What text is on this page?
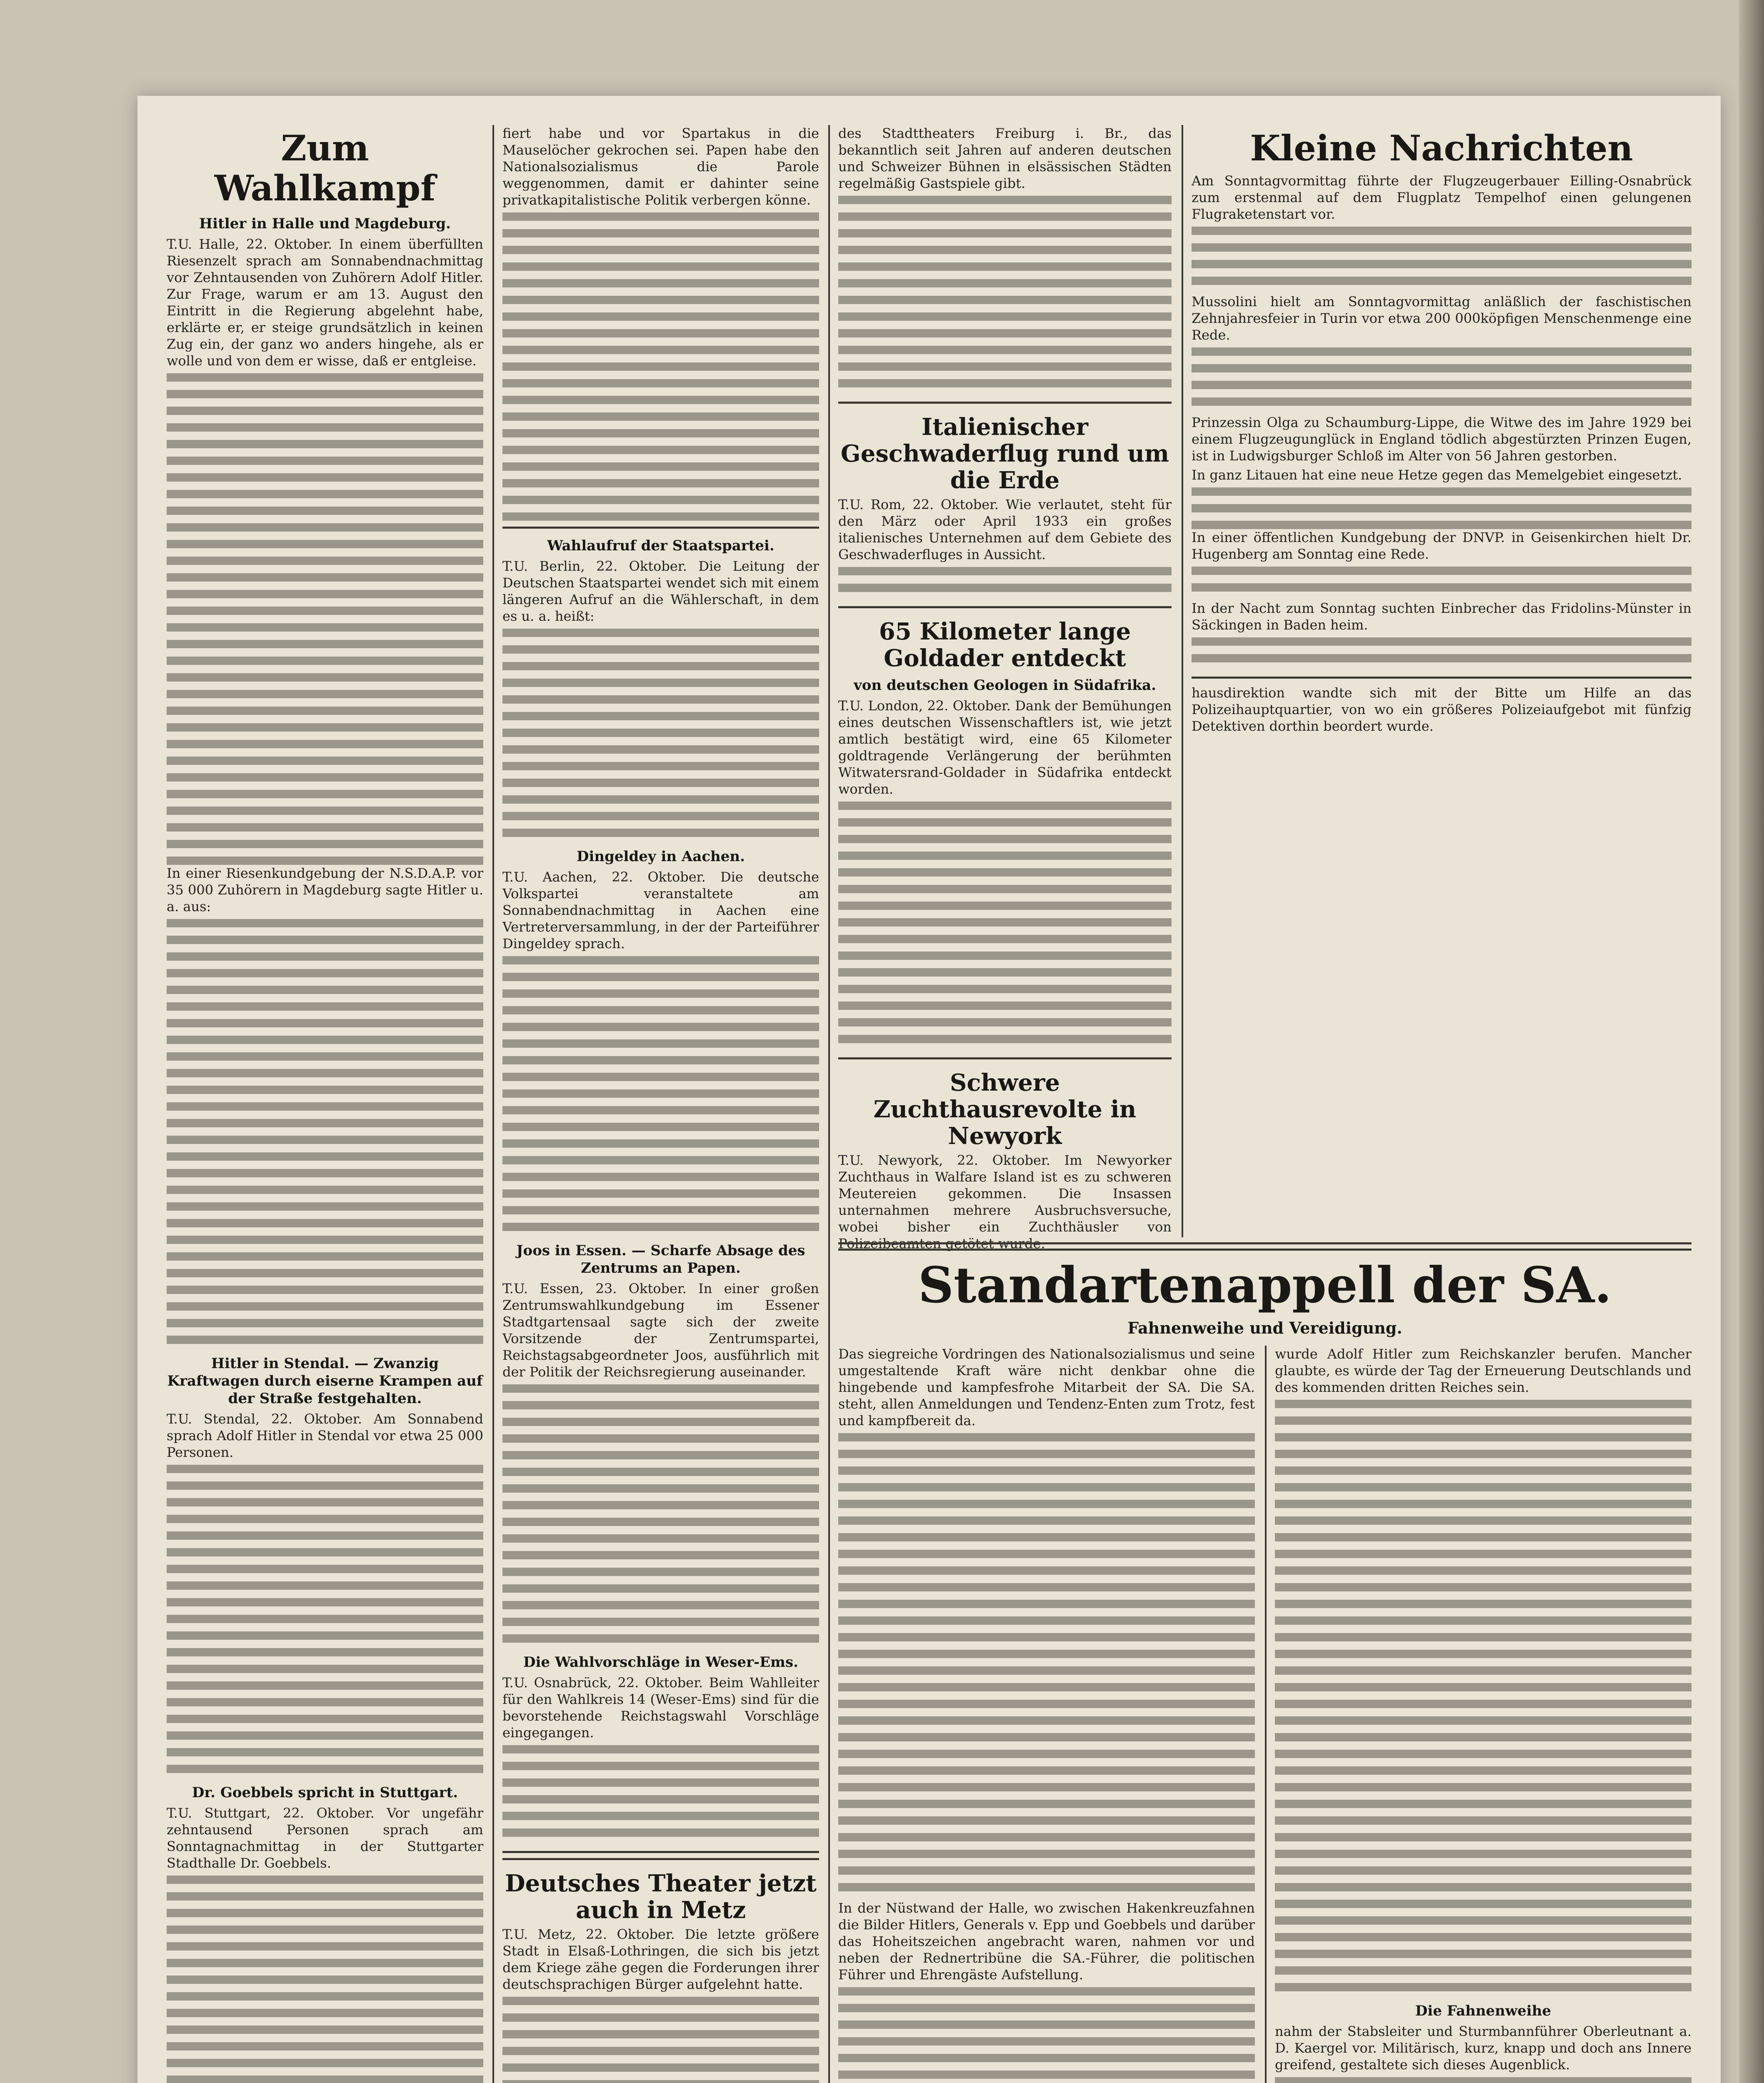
Zum Wahlkampf
Hitler in Halle und Magdeburg.
T.U. Halle, 22. Oktober. In einem überfüllten Riesenzelt sprach am Sonnabendnachmittag vor Zehntausenden von Zuhörern Adolf Hitler. Zur Frage, warum er am 13. August den Eintritt in die Regierung abgelehnt habe, erklärte er, er steige grundsätzlich in keinen Zug ein, der ganz wo anders hingehe, als er wolle und von dem er wisse, daß er entgleise.
In einer Riesenkundgebung der N.S.D.A.P. vor 35 000 Zuhörern in Magdeburg sagte Hitler u. a. aus:
Hitler in Stendal. — Zwanzig Kraftwagen durch eiserne Krampen auf der Straße festgehalten.
T.U. Stendal, 22. Oktober. Am Sonnabend sprach Adolf Hitler in Stendal vor etwa 25 000 Personen.
Dr. Goebbels spricht in Stuttgart.
T.U. Stuttgart, 22. Oktober. Vor ungefähr zehntausend Personen sprach am Sonntagnachmittag in der Stuttgarter Stadthalle Dr. Goebbels.
fiert habe und vor Spartakus in die Mauselöcher gekrochen sei. Papen habe den Nationalsozialismus die Parole weggenommen, damit er dahinter seine privatkapitalistische Politik verbergen könne.
Wahlaufruf der Staatspartei.
T.U. Berlin, 22. Oktober. Die Leitung der Deutschen Staatspartei wendet sich mit einem längeren Aufruf an die Wählerschaft, in dem es u. a. heißt:
Dingeldey in Aachen.
T.U. Aachen, 22. Oktober. Die deutsche Volkspartei veranstaltete am Sonnabendnachmittag in Aachen eine Vertreterversammlung, in der der Parteiführer Dingeldey sprach.
Joos in Essen. — Scharfe Absage des Zentrums an Papen.
T.U. Essen, 23. Oktober. In einer großen Zentrumswahlkundgebung im Essener Stadtgartensaal sagte sich der zweite Vorsitzende der Zentrumspartei, Reichstagsabgeordneter Joos, ausführlich mit der Politik der Reichsregierung auseinander.
Die Wahlvorschläge in Weser-Ems.
T.U. Osnabrück, 22. Oktober. Beim Wahlleiter für den Wahlkreis 14 (Weser-Ems) sind für die bevorstehende Reichstagswahl Vorschläge eingegangen.
Deutsches Theater jetzt auch in Metz
T.U. Metz, 22. Oktober. Die letzte größere Stadt in Elsaß-Lothringen, die sich bis jetzt dem Kriege zähe gegen die Forderungen ihrer deutschsprachigen Bürger aufgelehnt hatte.
des Stadttheaters Freiburg i. Br., das bekanntlich seit Jahren auf anderen deutschen und Schweizer Bühnen in elsässischen Städten regelmäßig Gastspiele gibt.
Italienischer Geschwaderflug rund um die Erde
T.U. Rom, 22. Oktober. Wie verlautet, steht für den März oder April 1933 ein großes italienisches Unternehmen auf dem Gebiete des Geschwaderfluges in Aussicht.
65 Kilometer lange Goldader entdeckt
von deutschen Geologen in Südafrika.
T.U. London, 22. Oktober. Dank der Bemühungen eines deutschen Wissenschaftlers ist, wie jetzt amtlich bestätigt wird, eine 65 Kilometer goldtragende Verlängerung der berühmten Witwatersrand-Goldader in Südafrika entdeckt worden.
Schwere Zuchthausrevolte in Newyork
T.U. Newyork, 22. Oktober. Im Newyorker Zuchthaus in Walfare Island ist es zu schweren Meutereien gekommen. Die Insassen unternahmen mehrere Ausbruchsversuche, wobei bisher ein Zuchthäusler von Polizeibeamten getötet wurde.
Kleine Nachrichten
Am Sonntagvormittag führte der Flugzeugerbauer Eilling-Osnabrück zum erstenmal auf dem Flugplatz Tempelhof einen gelungenen Flugraketenstart vor.
Mussolini hielt am Sonntagvormittag anläßlich der faschistischen Zehnjahresfeier in Turin vor etwa 200 000köpfigen Menschenmenge eine Rede.
Prinzessin Olga zu Schaumburg-Lippe, die Witwe des im Jahre 1929 bei einem Flugzeugunglück in England tödlich abgestürzten Prinzen Eugen, ist in Ludwigsburger Schloß im Alter von 56 Jahren gestorben.
In ganz Litauen hat eine neue Hetze gegen das Memelgebiet eingesetzt.
In einer öffentlichen Kundgebung der DNVP. in Geisenkirchen hielt Dr. Hugenberg am Sonntag eine Rede.
In der Nacht zum Sonntag suchten Einbrecher das Fridolins-Münster in Säckingen in Baden heim.
hausdirektion wandte sich mit der Bitte um Hilfe an das Polizeihauptquartier, von wo ein größeres Polizeiaufgebot mit fünfzig Detektiven dorthin beordert wurde.
Standartenappell der SA.
Fahnenweihe und Vereidigung.
Das siegreiche Vordringen des Nationalsozialismus und seine umgestaltende Kraft wäre nicht denkbar ohne die hingebende und kampfesfrohe Mitarbeit der SA. Die SA. steht, allen Anmeldungen und Tendenz-Enten zum Trotz, fest und kampfbereit da.
In der Nüstwand der Halle, wo zwischen Hakenkreuzfahnen die Bilder Hitlers, Generals v. Epp und Goebbels und darüber das Hoheitszeichen angebracht waren, nahmen vor und neben der Rednertribüne die SA.-Führer, die politischen Führer und Ehrengäste Aufstellung.
wurde Adolf Hitler zum Reichskanzler berufen. Mancher glaubte, es würde der Tag der Erneuerung Deutschlands und des kommenden dritten Reiches sein.
Die Fahnenweihe
nahm der Stabsleiter und Sturmbannführer Oberleutnant a. D. Kaergel vor. Militärisch, kurz, knapp und doch ans Innere greifend, gestaltete sich dieses Augenblick.
